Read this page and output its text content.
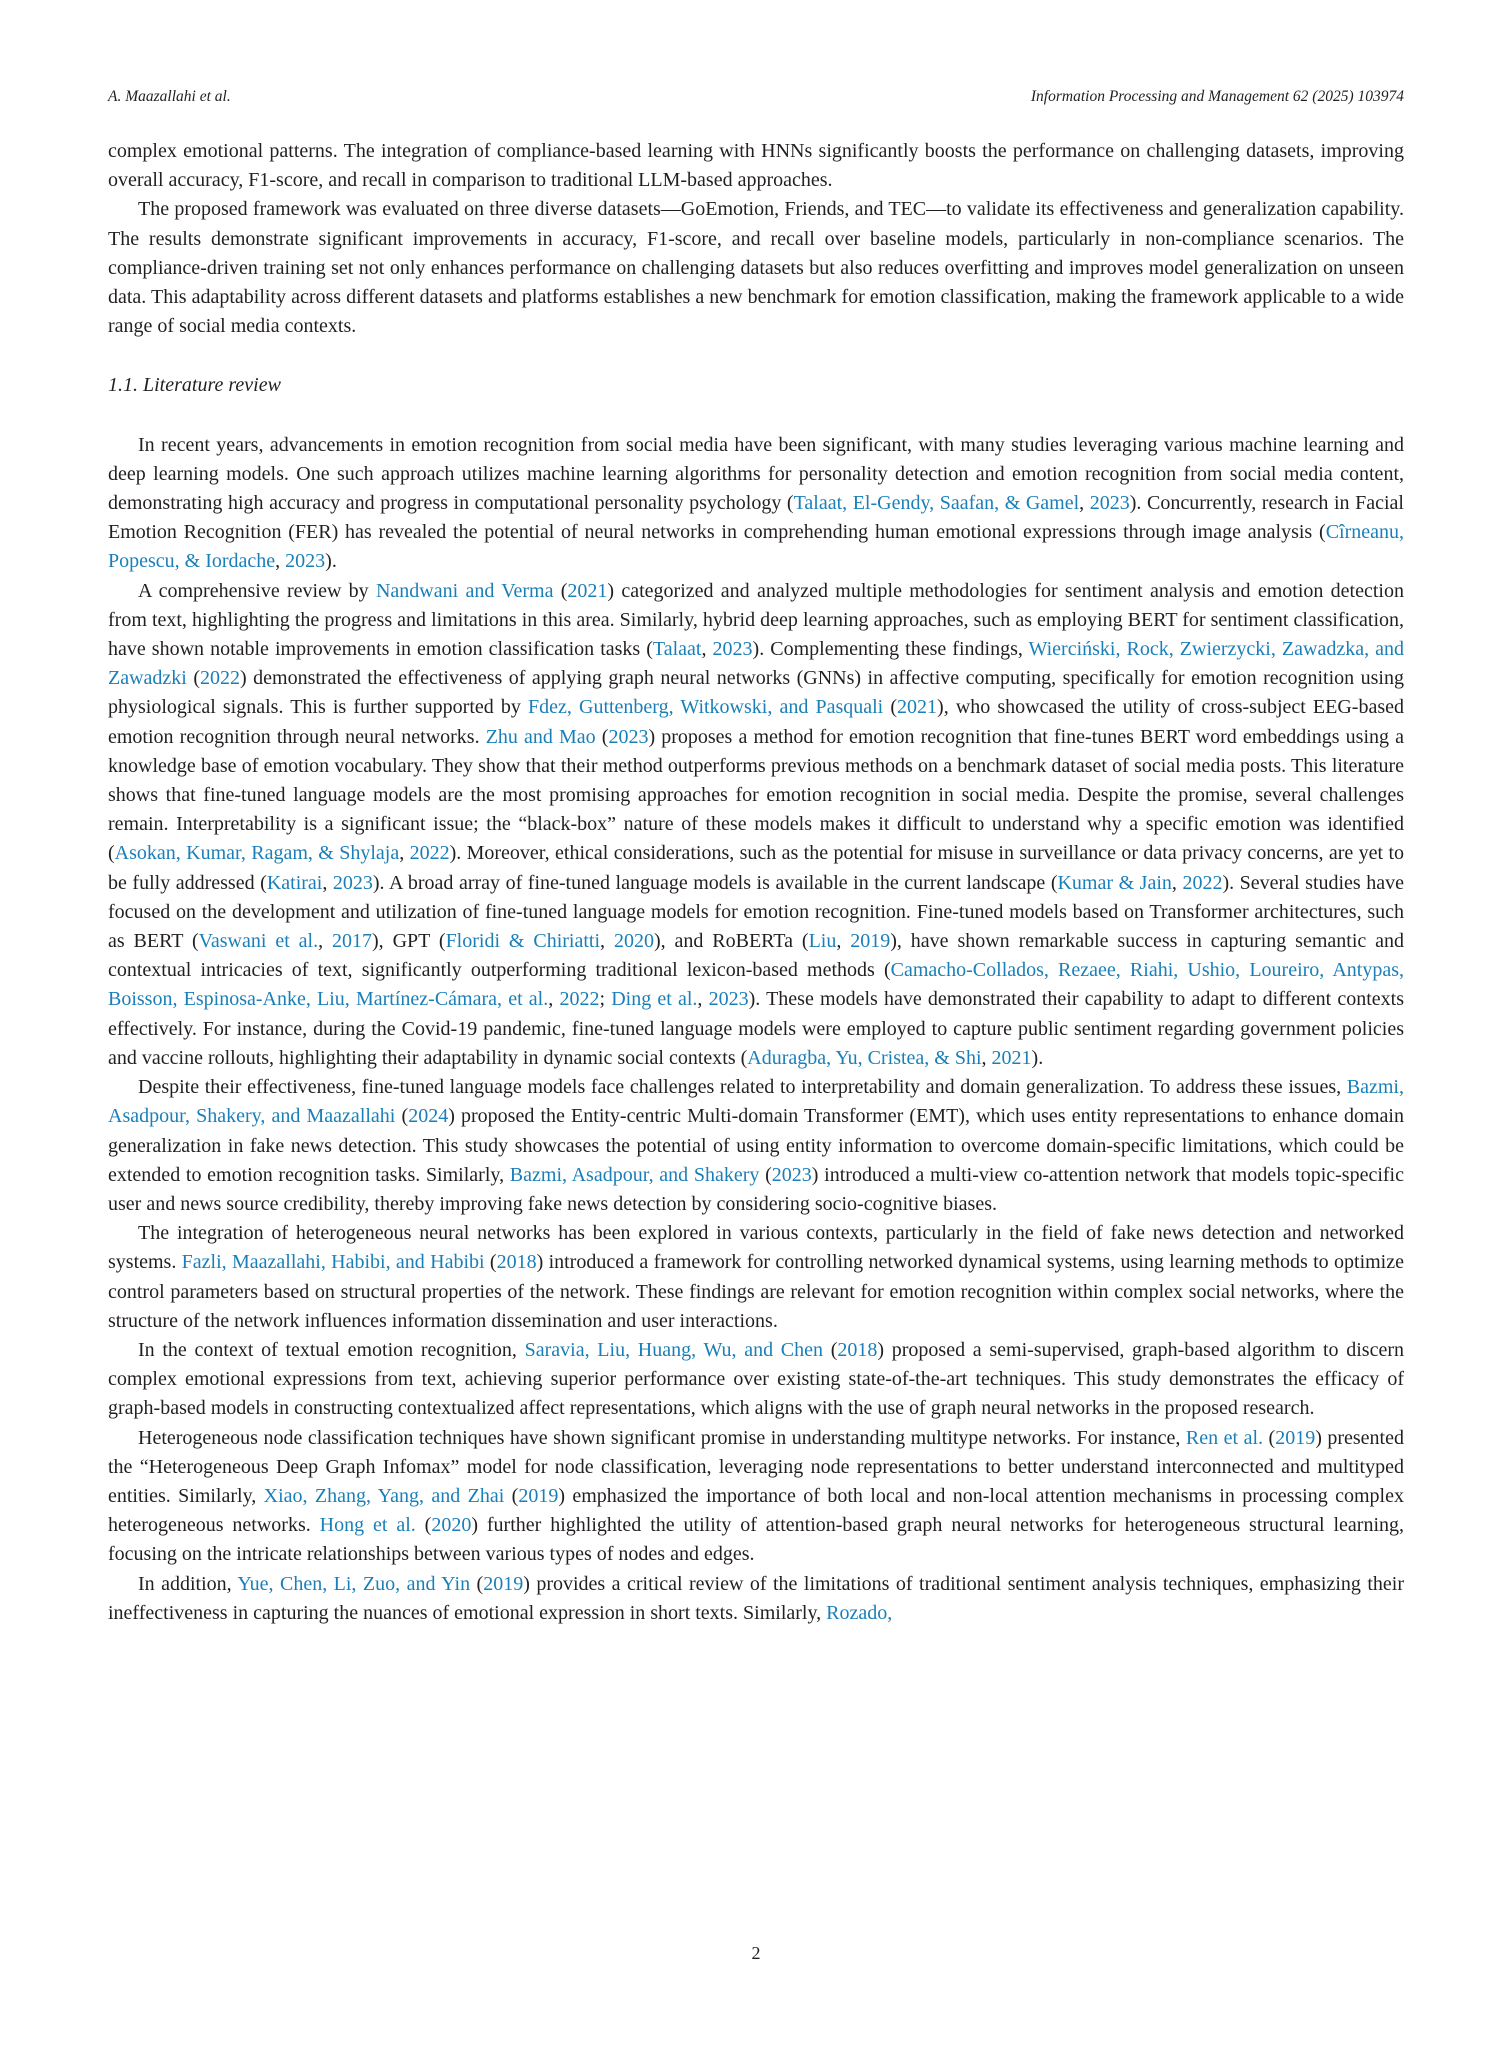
A. Maazallahi et al.	Information Processing and Management 62 (2025) 103974

complex emotional patterns. The integration of compliance-based learning with HNNs significantly boosts the performance on challenging datasets, improving overall accuracy, F1-score, and recall in comparison to traditional LLM-based approaches.

The proposed framework was evaluated on three diverse datasets—GoEmotion, Friends, and TEC—to validate its effectiveness and generalization capability. The results demonstrate significant improvements in accuracy, F1-score, and recall over baseline models, particularly in non-compliance scenarios. The compliance-driven training set not only enhances performance on challenging datasets but also reduces overfitting and improves model generalization on unseen data. This adaptability across different datasets and platforms establishes a new benchmark for emotion classification, making the framework applicable to a wide range of social media contexts.

1.1. Literature review

In recent years, advancements in emotion recognition from social media have been significant, with many studies leveraging various machine learning and deep learning models. One such approach utilizes machine learning algorithms for personality detection and emotion recognition from social media content, demonstrating high accuracy and progress in computational personality psychology (Talaat, El-Gendy, Saafan, & Gamel, 2023). Concurrently, research in Facial Emotion Recognition (FER) has revealed the potential of neural networks in comprehending human emotional expressions through image analysis (Cîrneanu, Popescu, & Iordache, 2023).

A comprehensive review by Nandwani and Verma (2021) categorized and analyzed multiple methodologies for sentiment analysis and emotion detection from text, highlighting the progress and limitations in this area. Similarly, hybrid deep learning approaches, such as employing BERT for sentiment classification, have shown notable improvements in emotion classification tasks (Talaat, 2023). Complementing these findings, Wierciński, Rock, Zwierzycki, Zawadzka, and Zawadzki (2022) demonstrated the effectiveness of applying graph neural networks (GNNs) in affective computing, specifically for emotion recognition using physiological signals. This is further supported by Fdez, Guttenberg, Witkowski, and Pasquali (2021), who showcased the utility of cross-subject EEG-based emotion recognition through neural networks. Zhu and Mao (2023) proposes a method for emotion recognition that fine-tunes BERT word embeddings using a knowledge base of emotion vocabulary. They show that their method outperforms previous methods on a benchmark dataset of social media posts. This literature shows that fine-tuned language models are the most promising approaches for emotion recognition in social media. Despite the promise, several challenges remain. Interpretability is a significant issue; the “black-box” nature of these models makes it difficult to understand why a specific emotion was identified (Asokan, Kumar, Ragam, & Shylaja, 2022). Moreover, ethical considerations, such as the potential for misuse in surveillance or data privacy concerns, are yet to be fully addressed (Katirai, 2023). A broad array of fine-tuned language models is available in the current landscape (Kumar & Jain, 2022). Several studies have focused on the development and utilization of fine-tuned language models for emotion recognition. Fine-tuned models based on Transformer architectures, such as BERT (Vaswani et al., 2017), GPT (Floridi & Chiriatti, 2020), and RoBERTa (Liu, 2019), have shown remarkable success in capturing semantic and contextual intricacies of text, significantly outperforming traditional lexicon-based methods (Camacho-Collados, Rezaee, Riahi, Ushio, Loureiro, Antypas, Boisson, Espinosa-Anke, Liu, Martínez-Cámara, et al., 2022; Ding et al., 2023). These models have demonstrated their capability to adapt to different contexts effectively. For instance, during the Covid-19 pandemic, fine-tuned language models were employed to capture public sentiment regarding government policies and vaccine rollouts, highlighting their adaptability in dynamic social contexts (Aduragba, Yu, Cristea, & Shi, 2021).

Despite their effectiveness, fine-tuned language models face challenges related to interpretability and domain generalization. To address these issues, Bazmi, Asadpour, Shakery, and Maazallahi (2024) proposed the Entity-centric Multi-domain Transformer (EMT), which uses entity representations to enhance domain generalization in fake news detection. This study showcases the potential of using entity information to overcome domain-specific limitations, which could be extended to emotion recognition tasks. Similarly, Bazmi, Asadpour, and Shakery (2023) introduced a multi-view co-attention network that models topic-specific user and news source credibility, thereby improving fake news detection by considering socio-cognitive biases.

The integration of heterogeneous neural networks has been explored in various contexts, particularly in the field of fake news detection and networked systems. Fazli, Maazallahi, Habibi, and Habibi (2018) introduced a framework for controlling networked dynamical systems, using learning methods to optimize control parameters based on structural properties of the network. These findings are relevant for emotion recognition within complex social networks, where the structure of the network influences information dissemination and user interactions.

In the context of textual emotion recognition, Saravia, Liu, Huang, Wu, and Chen (2018) proposed a semi-supervised, graph-based algorithm to discern complex emotional expressions from text, achieving superior performance over existing state-of-the-art techniques. This study demonstrates the efficacy of graph-based models in constructing contextualized affect representations, which aligns with the use of graph neural networks in the proposed research.

Heterogeneous node classification techniques have shown significant promise in understanding multitype networks. For instance, Ren et al. (2019) presented the “Heterogeneous Deep Graph Infomax” model for node classification, leveraging node representations to better understand interconnected and multityped entities. Similarly, Xiao, Zhang, Yang, and Zhai (2019) emphasized the importance of both local and non-local attention mechanisms in processing complex heterogeneous networks. Hong et al. (2020) further highlighted the utility of attention-based graph neural networks for heterogeneous structural learning, focusing on the intricate relationships between various types of nodes and edges.

In addition, Yue, Chen, Li, Zuo, and Yin (2019) provides a critical review of the limitations of traditional sentiment analysis techniques, emphasizing their ineffectiveness in capturing the nuances of emotional expression in short texts. Similarly, Rozado,

2
